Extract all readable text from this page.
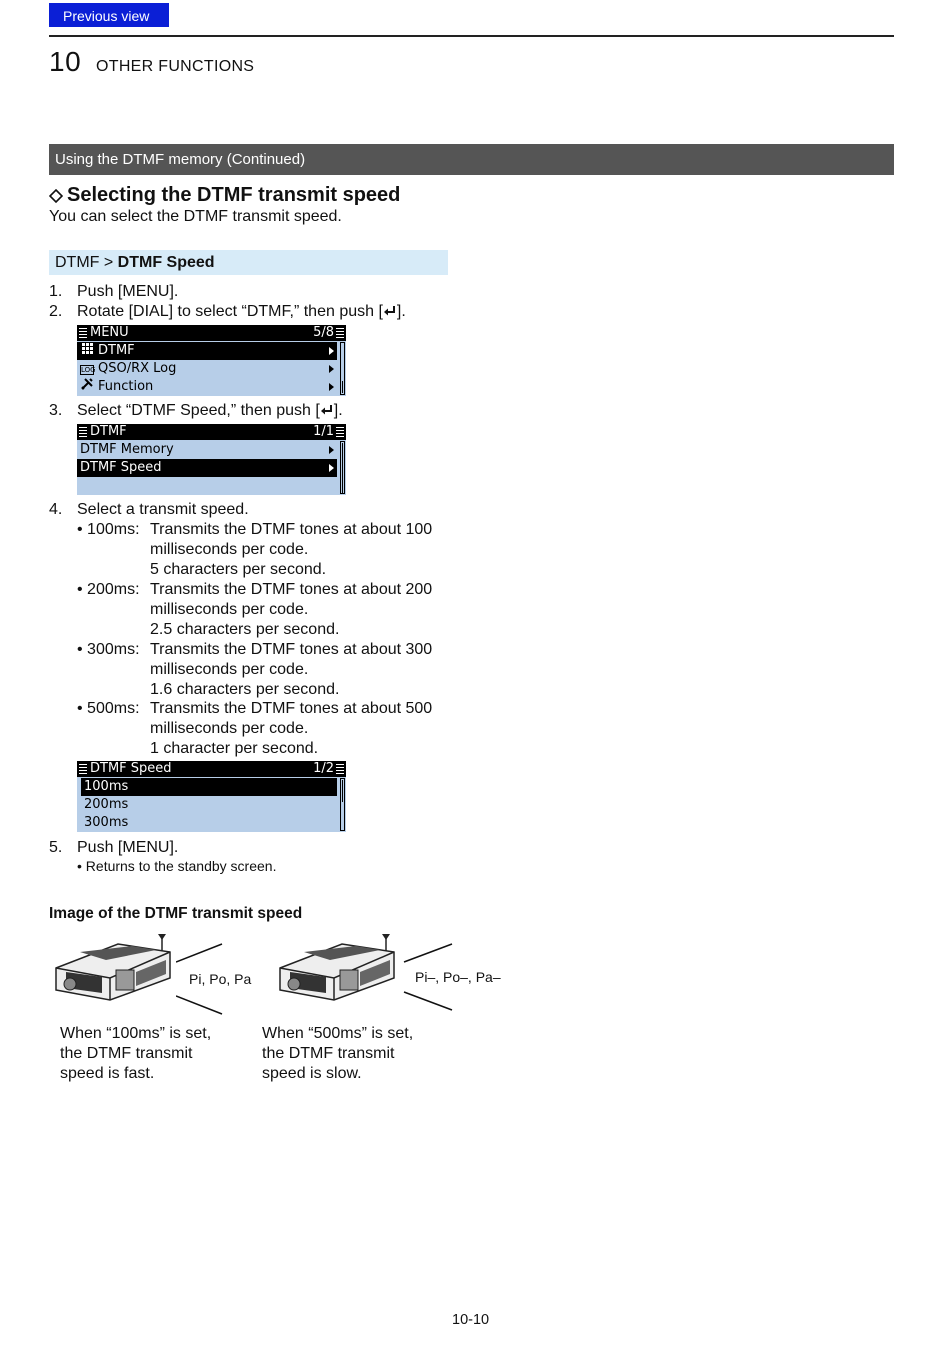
Previous view
10 OTHER FUNCTIONS
Using the DTMF memory (Continued)
Selecting the DTMF transmit speed
You can select the DTMF transmit speed.
DTMF > DTMF Speed
1. Push [MENU].
2. Rotate [DIAL] to select “DTMF,” then push [ ].
MENU	5/8
DTMF
LOG QSO/RX Log
Function
3. Select “DTMF Speed,” then push [ ].
DTMF	1/1
DTMF Memory
DTMF Speed
4. Select a transmit speed.
• 100ms: Transmits the DTMF tones at about 100
milliseconds per code.
5 characters per second.
• 200ms: Transmits the DTMF tones at about 200
milliseconds per code.
2.5 characters per second.
• 300ms: Transmits the DTMF tones at about 300
milliseconds per code.
1.6 characters per second.
• 500ms: Transmits the DTMF tones at about 500
milliseconds per code.
1 character per second.
DTMF Speed	1/2
100ms
200ms
300ms
5. Push [MENU].
• Returns to the standby screen.
Image of the DTMF transmit speed
Pi, Po, Pa	Pi–, Po–, Pa–
When “100ms” is set,
the DTMF transmit
speed is fast.
When “500ms” is set,
the DTMF transmit
speed is slow.
10-10
